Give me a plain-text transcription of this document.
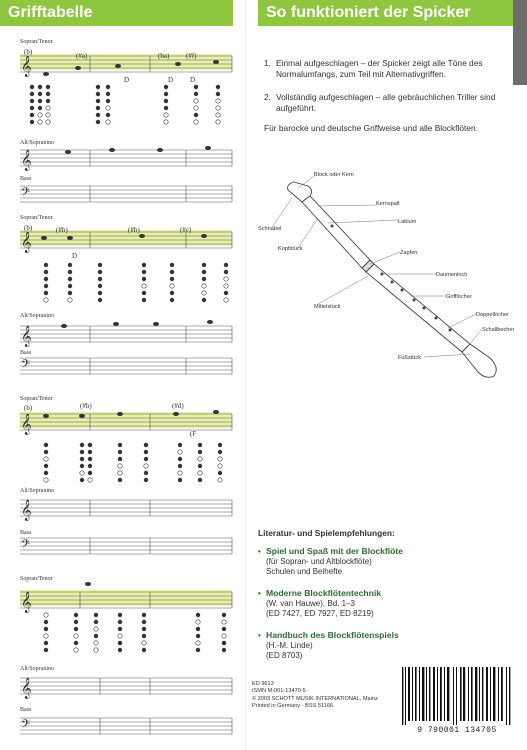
Grifftabelle	So funktioniert der Spicker
Sopran/Tenor
𝄞
(b)	(#a)	(ba) (#f)
D	D D
Alt/Sopranino
𝄞
Bass
𝄢
Sopran/Tenor
𝄞
(b)	(#b)	(#b)	(#c)
D
Alt/Sopranino
𝄞
Bass
𝄢
Sopran/Tenor
𝄞
(b)	(#b)	(#d)
(F
Alt/Sopranino
𝄞
Bass
𝄢
Sopran/Tenor
𝄞
Alt/Sopranino
𝄞
Bass
𝄢
1. Einmal aufgeschlagen – der Spicker zeigt alle Töne des Normalumfangs, zum Teil mit Alternativgriffen.
2. Vollständig aufgeschlagen – alle gebräuchlichen Triller sind aufgeführt.
Für barocke und deutsche Griffweise und alle Blockflöten.
Block oder Kern
Kernspalt
Labium
Schnabel
Kopfstück
Zapfen
Daumenloch
Grifflöcher
Mittelstück
Doppellöcher
Schallbecher
Fußstück
Literatur- und Spielempfehlungen:
• Spiel und Spaß mit der Blockflöte
(für Sopran- und Altblockflöte)
Schulen und Beihefte
• Moderne Blockflötentechnik
(W. van Hauwe), Bd. 1–3
(ED 7427, ED 7927, ED 8219)
• Handbuch des Blockflötenspiels
(H.-M. Linde)
(ED 8703)
ED 9613
ISMN M-001-13470-5
© 2003 SCHOTT MUSIK INTERNATIONAL, Mainz
Printed in Germany · BSS 51166
9 790001 134705
